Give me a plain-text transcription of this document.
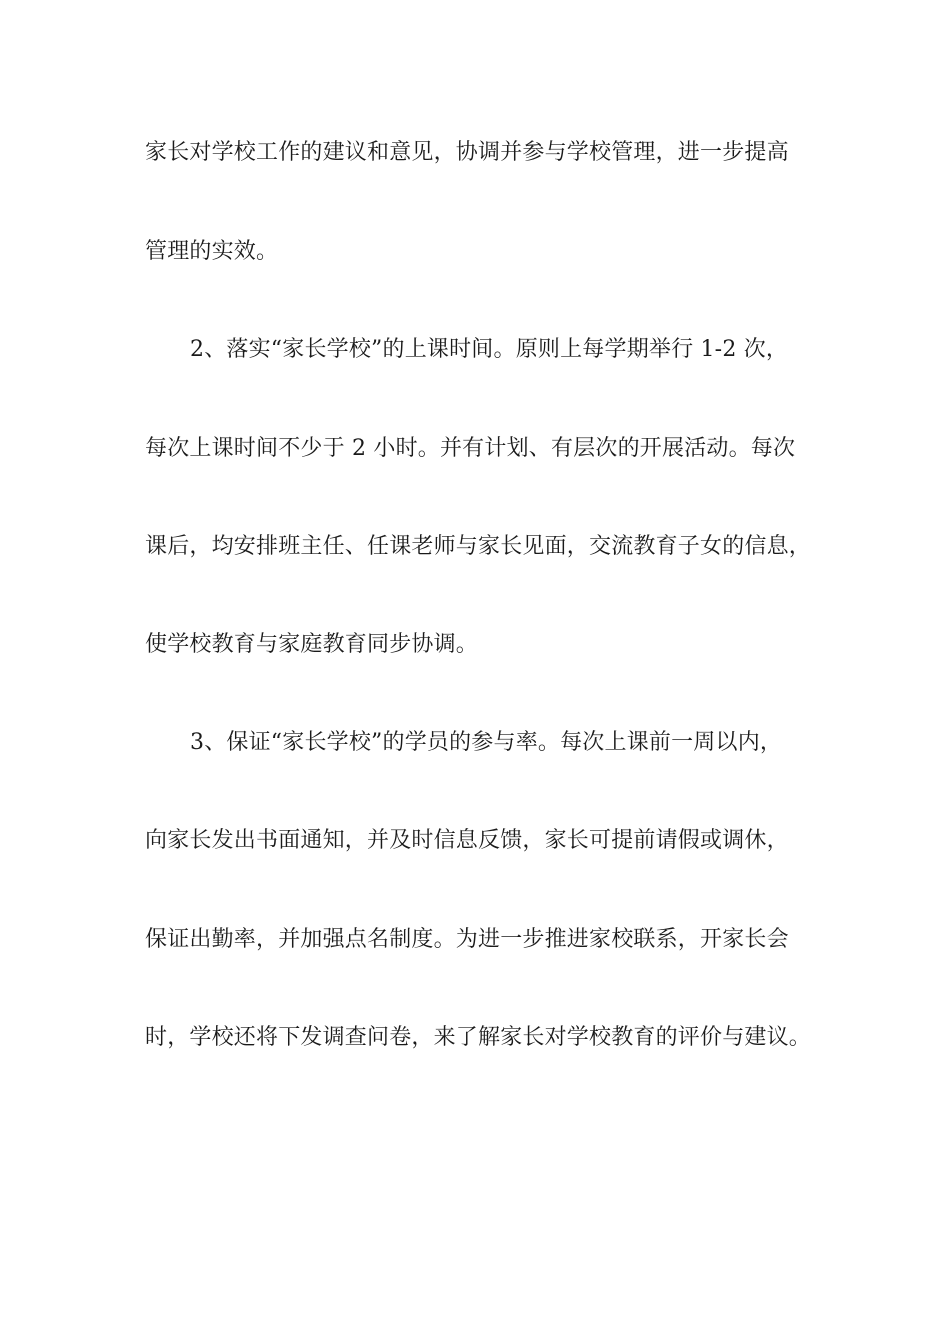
家长对学校工作的建议和意见，协调并参与学校管理，进一步提高
管理的实效。
2、落实“家长学校”的上课时间。原则上每学期举行 1-2 次，
每次上课时间不少于 2 小时。并有计划、有层次的开展活动。每次
课后，均安排班主任、任课老师与家长见面，交流教育子女的信息，
使学校教育与家庭教育同步协调。
3、保证“家长学校”的学员的参与率。每次上课前一周以内，
向家长发出书面通知，并及时信息反馈，家长可提前请假或调休，
保证出勤率，并加强点名制度。为进一步推进家校联系，开家长会
时，学校还将下发调查问卷，来了解家长对学校教育的评价与建议。
